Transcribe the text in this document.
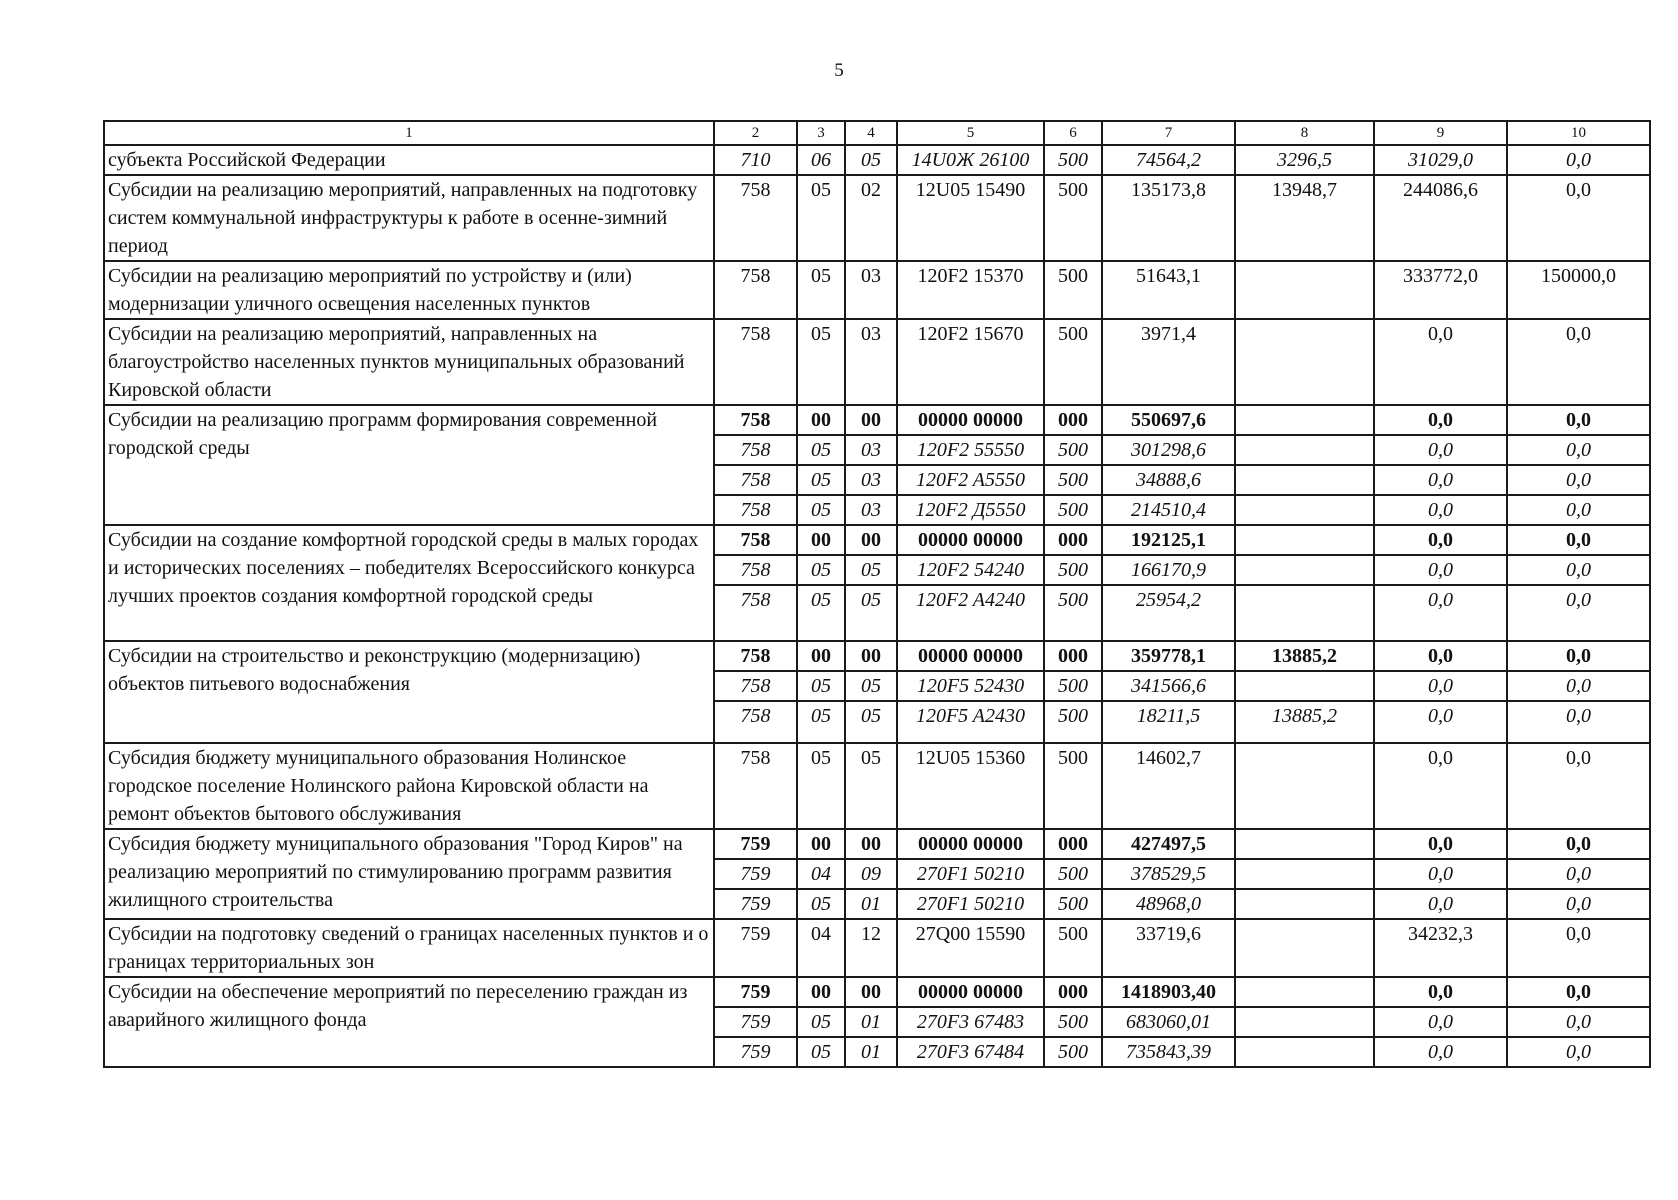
5
1	2	3	4	5	6	7	8	9	10
субъекта Российской Федерации	710	06	05	14U0Ж 26100	500	74564,2	3296,5	31029,0	0,0
Субсидии на реализацию мероприятий, направленных на подготовку систем коммунальной инфраструктуры к работе в осенне-зимний период	758	05	02	12U05 15490	500	135173,8	13948,7	244086,6	0,0
Субсидии на реализацию мероприятий по устройству и (или) модернизации уличного освещения населенных пунктов	758	05	03	120F2 15370	500	51643,1		333772,0	150000,0
Субсидии на реализацию мероприятий, направленных на благоустройство населенных пунктов муниципальных образований Кировской области	758	05	03	120F2 15670	500	3971,4		0,0	0,0
Субсидии на реализацию программ формирования современной городской среды	758	00	00	00000 00000	000	550697,6		0,0	0,0
	758	05	03	120F2 55550	500	301298,6		0,0	0,0
	758	05	03	120F2 A5550	500	34888,6		0,0	0,0
	758	05	03	120F2 Д5550	500	214510,4		0,0	0,0
Субсидии на создание комфортной городской среды в малых городах и исторических поселениях – победителях Всероссийского конкурса лучших проектов создания комфортной городской среды	758	00	00	00000 00000	000	192125,1		0,0	0,0
	758	05	05	120F2 54240	500	166170,9		0,0	0,0
	758	05	05	120F2 A4240	500	25954,2		0,0	0,0
Субсидии на строительство и реконструкцию (модернизацию) объектов питьевого водоснабжения	758	00	00	00000 00000	000	359778,1	13885,2	0,0	0,0
	758	05	05	120F5 52430	500	341566,6		0,0	0,0
	758	05	05	120F5 A2430	500	18211,5	13885,2	0,0	0,0
Субсидия бюджету муниципального образования Нолинское городское поселение Нолинского района Кировской области на ремонт объектов бытового обслуживания	758	05	05	12U05 15360	500	14602,7		0,0	0,0
Субсидия бюджету муниципального образования "Город Киров" на реализацию мероприятий по стимулированию программ развития жилищного строительства	759	00	00	00000 00000	000	427497,5		0,0	0,0
	759	04	09	270F1 50210	500	378529,5		0,0	0,0
	759	05	01	270F1 50210	500	48968,0		0,0	0,0
Субсидии на подготовку сведений о границах населенных пунктов и о границах территориальных зон	759	04	12	27Q00 15590	500	33719,6		34232,3	0,0
Субсидии на обеспечение мероприятий по переселению граждан из аварийного жилищного фонда	759	00	00	00000 00000	000	1418903,40		0,0	0,0
	759	05	01	270F3 67483	500	683060,01		0,0	0,0
	759	05	01	270F3 67484	500	735843,39		0,0	0,0
